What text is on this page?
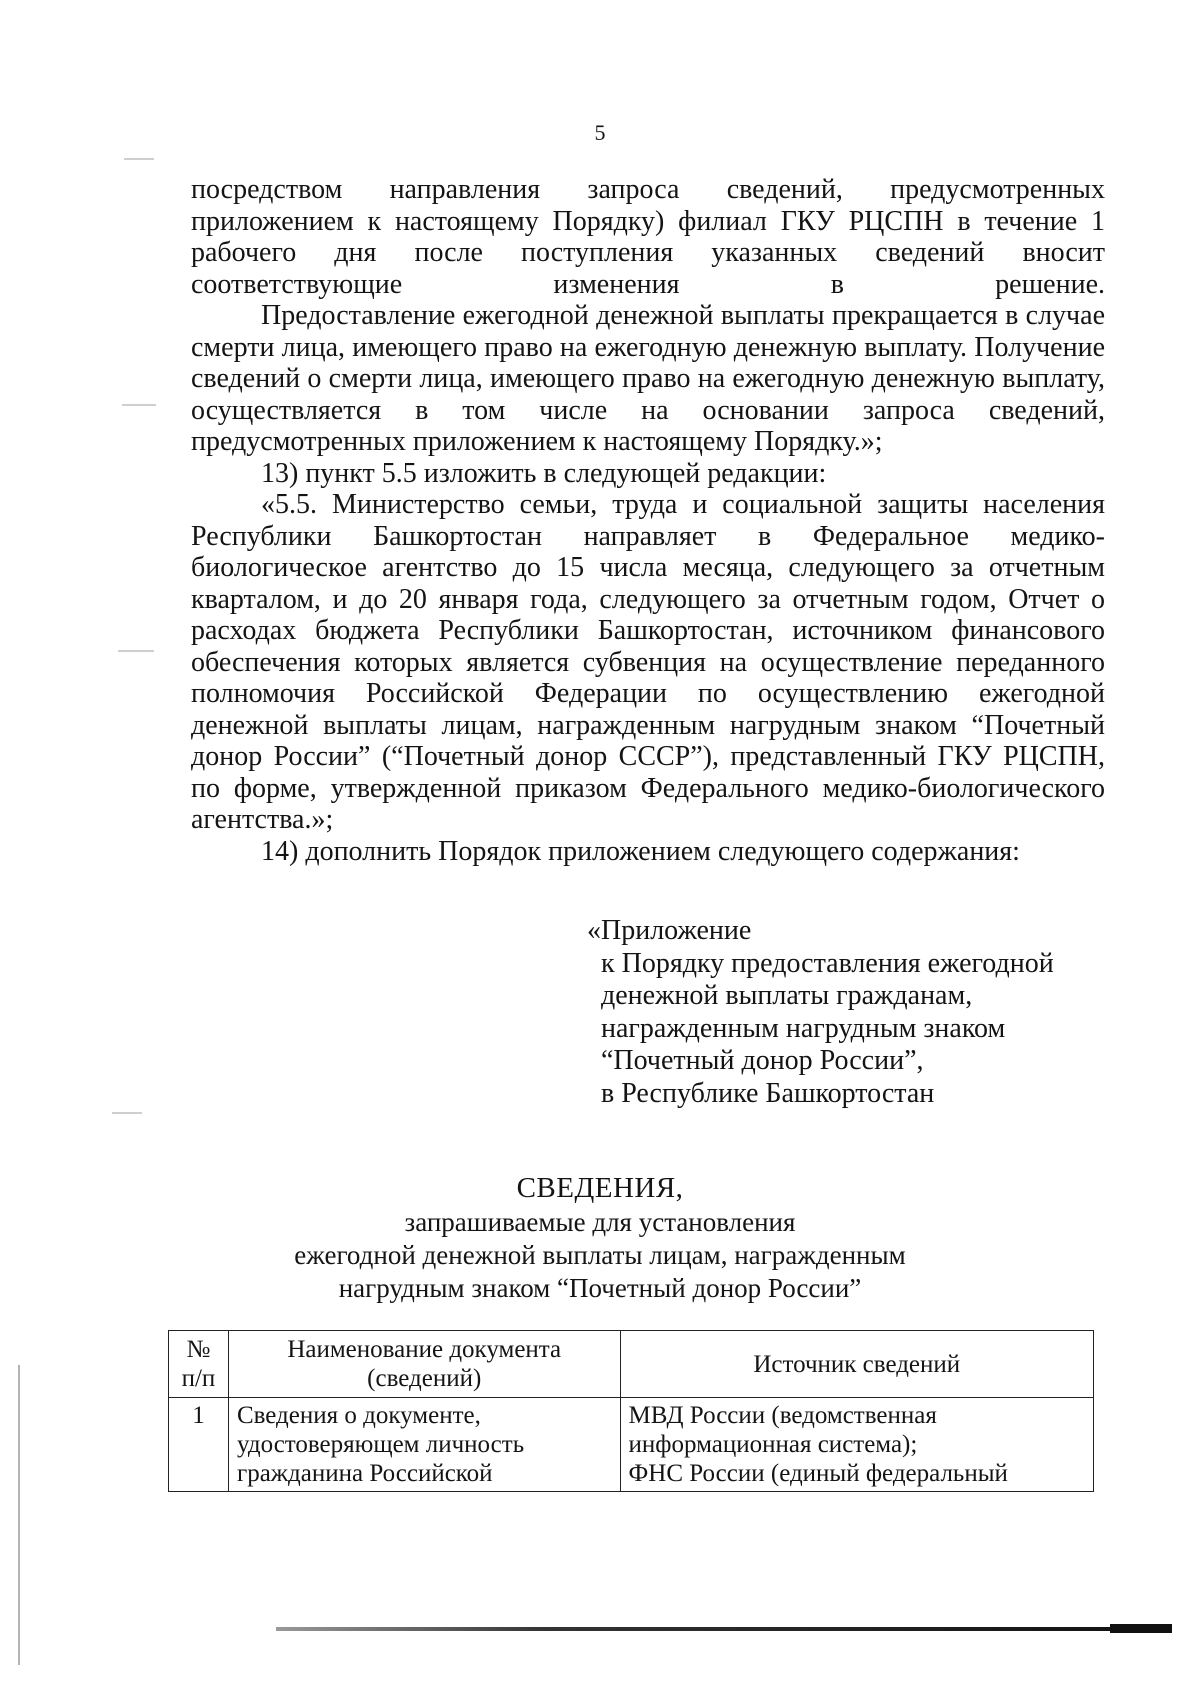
5

посредством направления запроса сведений, предусмотренных приложением к настоящему Порядку) филиал ГКУ РЦСПН в течение 1 рабочего дня после поступления указанных сведений вносит соответствующие изменения в решение.

Предоставление ежегодной денежной выплаты прекращается в случае смерти лица, имеющего право на ежегодную денежную выплату. Получение сведений о смерти лица, имеющего право на ежегодную денежную выплату, осуществляется в том числе на основании запроса сведений, предусмотренных приложением к настоящему Порядку.»;

13) пункт 5.5 изложить в следующей редакции:

«5.5. Министерство семьи, труда и социальной защиты населения Республики Башкортостан направляет в Федеральное медико-биологическое агентство до 15 числа месяца, следующего за отчетным кварталом, и до 20 января года, следующего за отчетным годом, Отчет о расходах бюджета Республики Башкортостан, источником финансового обеспечения которых является субвенция на осуществление переданного полномочия Российской Федерации по осуществлению ежегодной денежной выплаты лицам, награжденным нагрудным знаком “Почетный донор России” (“Почетный донор СССР”), представленный ГКУ РЦСПН, по форме, утвержденной приказом Федерального медико-биологического агентства.»;

14) дополнить Порядок приложением следующего содержания:

«Приложение
к Порядку предоставления ежегодной
денежной выплаты гражданам,
награжденным нагрудным знаком
“Почетный донор России”,
в Республике Башкортостан
СВЕДЕНИЯ,
запрашиваемые для установления
ежегодной денежной выплаты лицам, награжденным
нагрудным знаком “Почетный донор России”
№ п/п	Наименование документа (сведений)	Источник сведений
1	Сведения о документе, удостоверяющем личность гражданина Российской	МВД России (ведомственная информационная система);
ФНС России (единый федеральный
